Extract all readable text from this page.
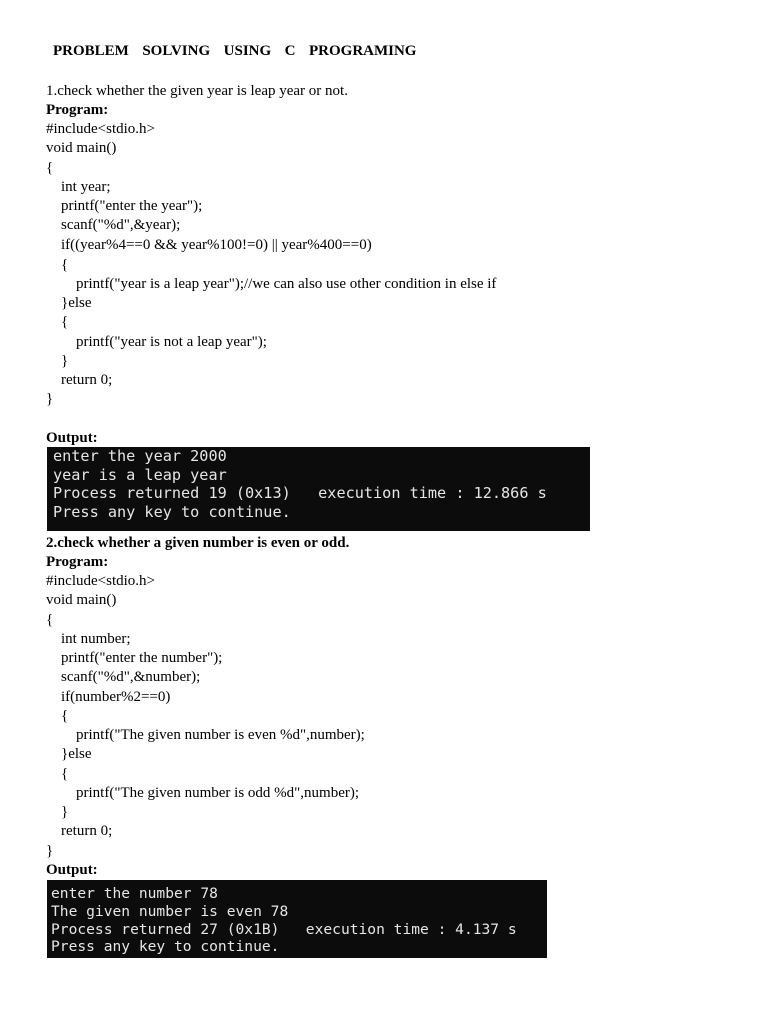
PROBLEM  SOLVING  USING  C  PROGRAMING
1.check whether the given year is leap year or not.
Program:
#include<stdio.h>
void main()
{
int year;
printf("enter the year");
scanf("%d",&year);
if((year%4==0 && year%100!=0) || year%400==0)
{
printf("year is a leap year");//we can also use other condition in else if
}else
{
printf("year is not a leap year");
}
return 0;
}
Output:
enter the year 2000
year is a leap year
Process returned 19 (0x13)   execution time : 12.866 s
Press any key to continue.
2.check whether a given number is even or odd.
Program:
#include<stdio.h>
void main()
{
int number;
printf("enter the number");
scanf("%d",&number);
if(number%2==0)
{
printf("The given number is even %d",number);
}else
{
printf("The given number is odd %d",number);
}
return 0;
}
Output:
enter the number 78
The given number is even 78
Process returned 27 (0x1B)   execution time : 4.137 s
Press any key to continue.
